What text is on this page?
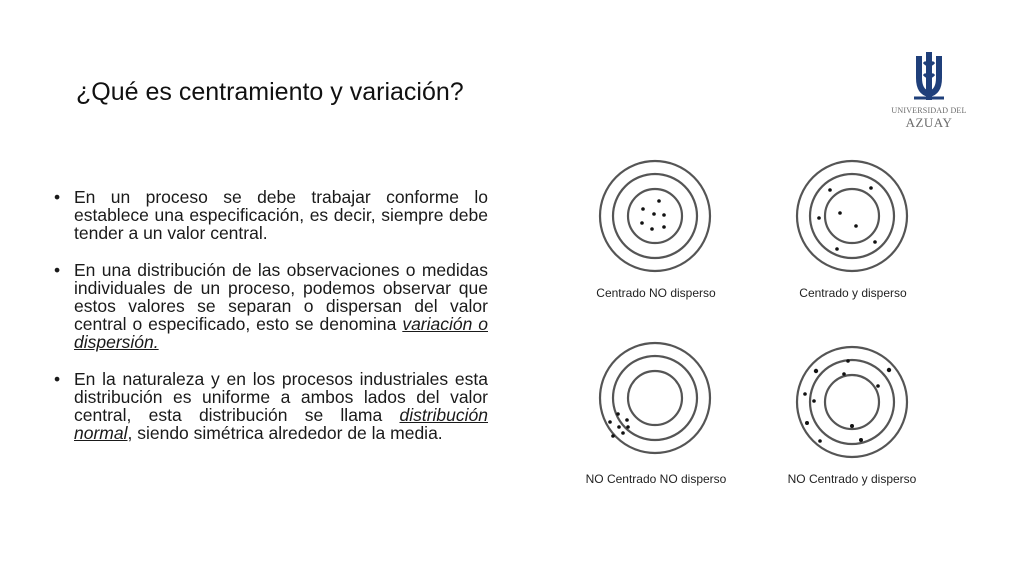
¿Qué es centramiento y variación?
UNIVERSIDAD DEL
AZUAY
• En un proceso se debe trabajar conforme lo establece una especificación, es decir, siempre debe tender a un valor central.
• En una distribución de las observaciones o medidas individuales de un proceso, podemos observar que estos valores se separan o dispersan del valor central o especificado, esto se denomina variación o dispersión.
• En la naturaleza y en los procesos industriales esta distribución es uniforme a ambos lados del valor central, esta distribución se llama distribución normal, siendo simétrica alrededor de la media.
Centrado NO disperso	Centrado y disperso
NO Centrado NO disperso	NO Centrado y disperso
